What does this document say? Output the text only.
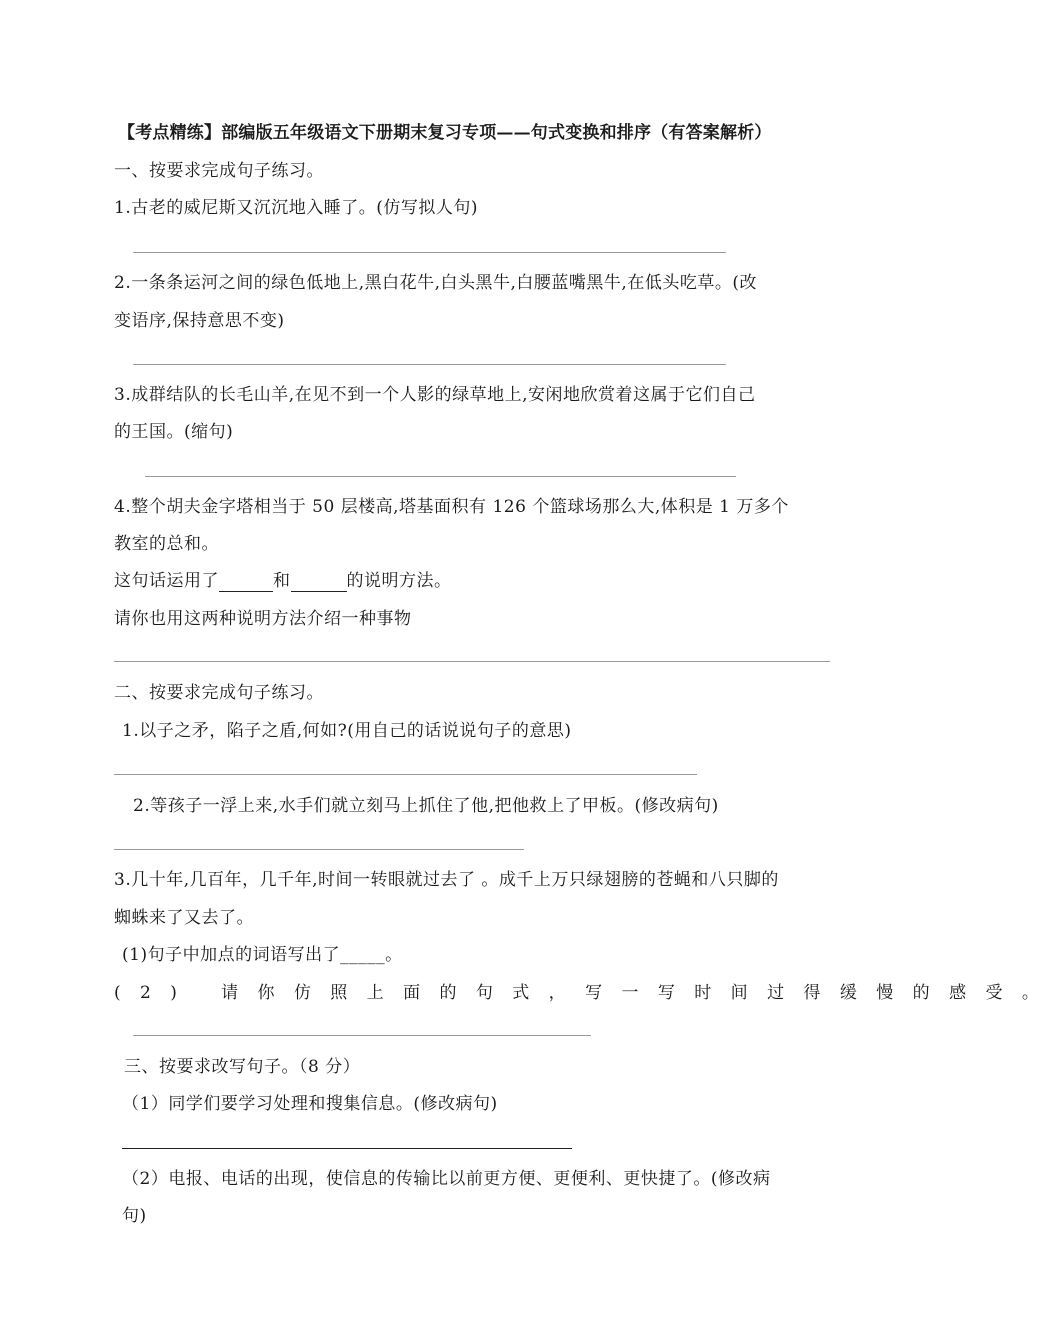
【考点精练】部编版五年级语文下册期末复习专项——句式变换和排序（有答案解析）
一、按要求完成句子练习。
1.古老的威尼斯又沉沉地入睡了。(仿写拟人句)
2.一条条运河之间的绿色低地上,黑白花牛,白头黑牛,白腰蓝嘴黑牛,在低头吃草。(改
变语序,保持意思不变)
3.成群结队的长毛山羊,在见不到一个人影的绿草地上,安闲地欣赏着这属于它们自己
的王国。(缩句)
4.整个胡夫金字塔相当于 50 层楼高,塔基面积有 126 个篮球场那么大,体积是 1 万多个
教室的总和。
这句话运用了	和	的说明方法。
请你也用这两种说明方法介绍一种事物
二、按要求完成句子练习。
1.以子之矛，陷子之盾,何如?(用自己的话说说句子的意思)
2.等孩子一浮上来,水手们就立刻马上抓住了他,把他救上了甲板。(修改病句)
3.几十年,几百年，几千年,时间一转眼就过去了 。成千上万只绿翅膀的苍蝇和八只脚的
蜘蛛来了又去了。
(1)句子中加点的词语写出了_____。
(2) 请你仿照上面的句式，写一写时间过得缓慢的感受。
三、按要求改写句子。（8 分）
（1）同学们要学习处理和搜集信息。(修改病句)
（2）电报、电话的出现，使信息的传输比以前更方便、更便利、更快捷了。(修改病
句)
